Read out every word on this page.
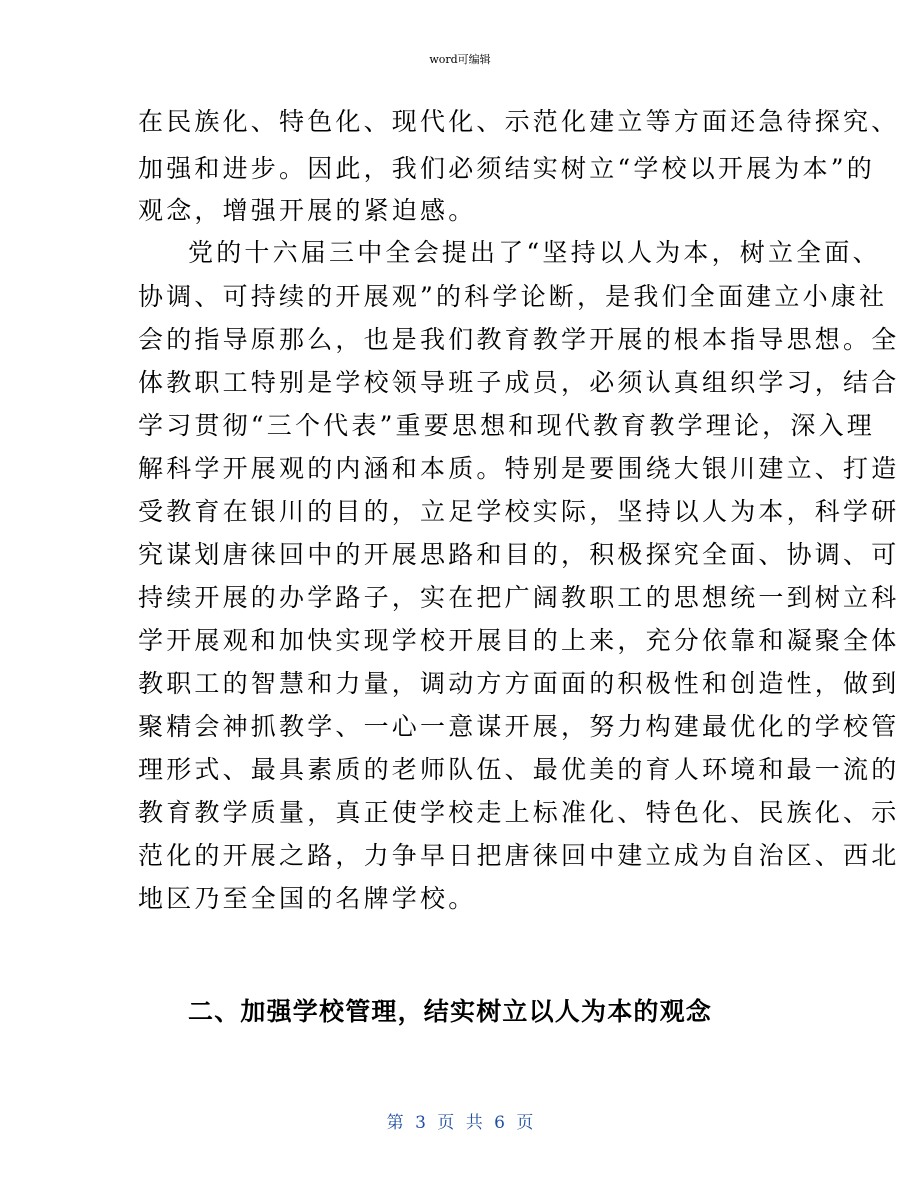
word可编辑
在民族化、特色化、现代化、示范化建立等方面还急待探究、
加强和进步。因此，我们必须结实树立“学校以开展为本”的
观念，增强开展的紧迫感。
党的十六届三中全会提出了“坚持以人为本，树立全面、
协调、可持续的开展观”的科学论断，是我们全面建立小康社
会的指导原那么，也是我们教育教学开展的根本指导思想。全
体教职工特别是学校领导班子成员，必须认真组织学习，结合
学习贯彻“三个代表”重要思想和现代教育教学理论，深入理
解科学开展观的内涵和本质。特别是要围绕大银川建立、打造
受教育在银川的目的，立足学校实际，坚持以人为本，科学研
究谋划唐徕回中的开展思路和目的，积极探究全面、协调、可
持续开展的办学路子，实在把广阔教职工的思想统一到树立科
学开展观和加快实现学校开展目的上来，充分依靠和凝聚全体
教职工的智慧和力量，调动方方面面的积极性和创造性，做到
聚精会神抓教学、一心一意谋开展，努力构建最优化的学校管
理形式、最具素质的老师队伍、最优美的育人环境和最一流的
教育教学质量，真正使学校走上标准化、特色化、民族化、示
范化的开展之路，力争早日把唐徕回中建立成为自治区、西北
地区乃至全国的名牌学校。
二、加强学校管理，结实树立以人为本的观念
第 3 页 共 6 页
